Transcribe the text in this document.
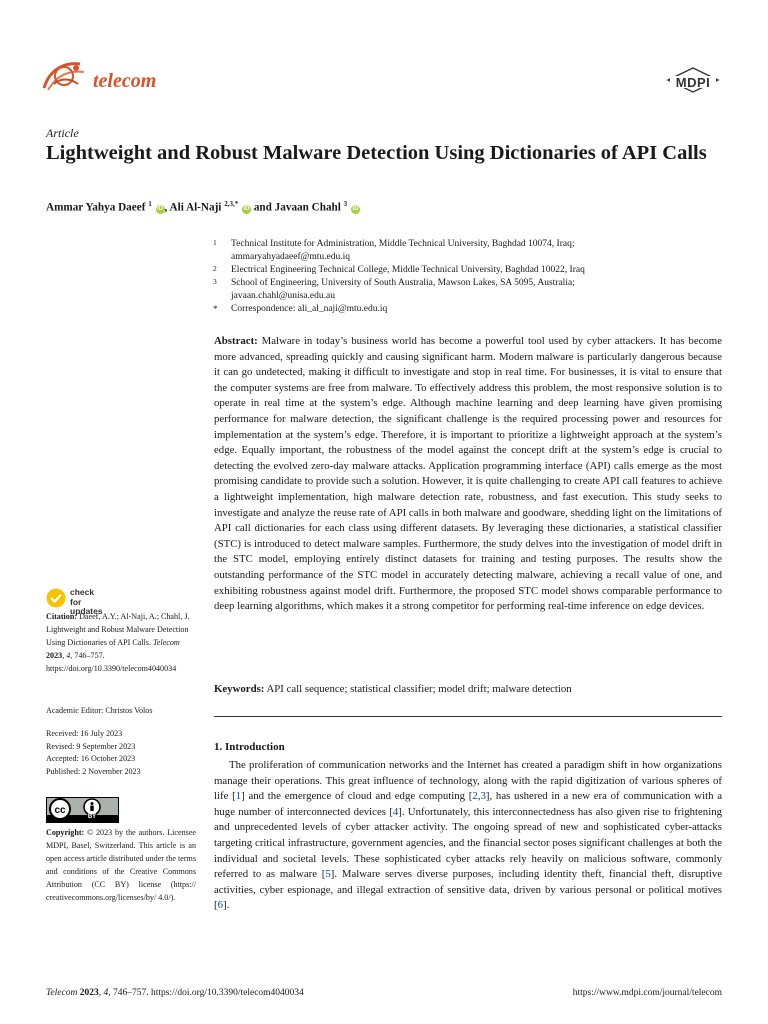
telecom	MDPI
Article
Lightweight and Robust Malware Detection Using Dictionaries of API Calls
Ammar Yahya Daeef $^1$ iD , Ali Al-Naji $^{2,3,*}$ iD and Javaan Chahl $^3$ iD
1 Technical Institute for Administration, Middle Technical University, Baghdad 10074, Iraq;
ammaryahyadaeef@mtu.edu.iq
2 Electrical Engineering Technical College, Middle Technical University, Baghdad 10022, Iraq
3 School of Engineering, University of South Australia, Mawson Lakes, SA 5095, Australia;
javaan.chahl@unisa.edu.au
* Correspondence: ali_al_naji@mtu.edu.iq
Abstract: Malware in today’s business world has become a powerful tool used by cyber attackers. It has become more advanced, spreading quickly and causing significant harm. Modern malware is particularly dangerous because it can go undetected, making it difficult to investigate and stop in real time. For businesses, it is vital to ensure that the computer systems are free from malware. To effectively address this problem, the most responsive solution is to operate in real time at the system’s edge. Although machine learning and deep learning have given promising performance for malware detection, the significant challenge is the required processing power and resources for implementation at the system’s edge. Therefore, it is important to prioritize a lightweight approach at the system’s edge. Equally important, the robustness of the model against the concept drift at the system’s edge is crucial to detecting the evolved zero-day malware attacks. Application programming interface (API) calls emerge as the most promising candidate to provide such a solution. However, it is quite challenging to create API call features to achieve a lightweight implementation, high malware detection rate, robustness, and fast execution. This study seeks to investigate and analyze the reuse rate of API calls in both malware and goodware, shedding light on the limitations of API call dictionaries for each class using different datasets. By leveraging these dictionaries, a statistical classifier (STC) is introduced to detect malware samples. Furthermore, the study delves into the investigation of model drift in the STC model, employing entirely distinct datasets for training and testing purposes. The results show the outstanding performance of the STC model in accurately detecting malware, achieving a recall value of one, and exhibiting robustness against model drift. Furthermore, the proposed STC model shows comparable performance to deep learning algorithms, which makes it a strong competitor for performing real-time inference on edge devices.
Keywords: API call sequence; statistical classifier; model drift; malware detection
1. Introduction
The proliferation of communication networks and the Internet has created a paradigm shift in how organizations manage their operations. This great influence of technology, along with the rapid digitization of various spheres of life [1] and the emergence of cloud and edge computing [2,3], has ushered in a new era of communication with a huge number of interconnected devices [4]. Unfortunately, this interconnectedness has also given rise to frightening and unprecedented levels of cyber attacker activity. The ongoing spread of new and sophisticated cyber-attacks targeting critical infrastructure, government agencies, and the financial sector poses significant challenges at both the individual and societal levels. These sophisticated cyber attacks rely heavily on malicious software, commonly referred to as malware [5]. Malware serves diverse purposes, including identity theft, financial theft, disruptive activities, cyber espionage, and illegal extraction of sensitive data, driven by various personal or political motives [6].
check for
updates
Citation: Daeef, A.Y.; Al-Naji, A.; Chahl, J. Lightweight and Robust Malware Detection Using Dictionaries of API Calls. Telecom 2023, 4, 746–757. https://doi.org/10.3390/telecom4040034
Academic Editor: Christos Volos
Received: 16 July 2023
Revised: 9 September 2023
Accepted: 16 October 2023
Published: 2 November 2023
cc
BY
Copyright: © 2023 by the authors. Licensee MDPI, Basel, Switzerland. This article is an open access article distributed under the terms and conditions of the Creative Commons Attribution (CC BY) license (https:// creativecommons.org/licenses/by/ 4.0/).
Telecom 2023, 4, 746–757. https://doi.org/10.3390/telecom4040034	https://www.mdpi.com/journal/telecom
